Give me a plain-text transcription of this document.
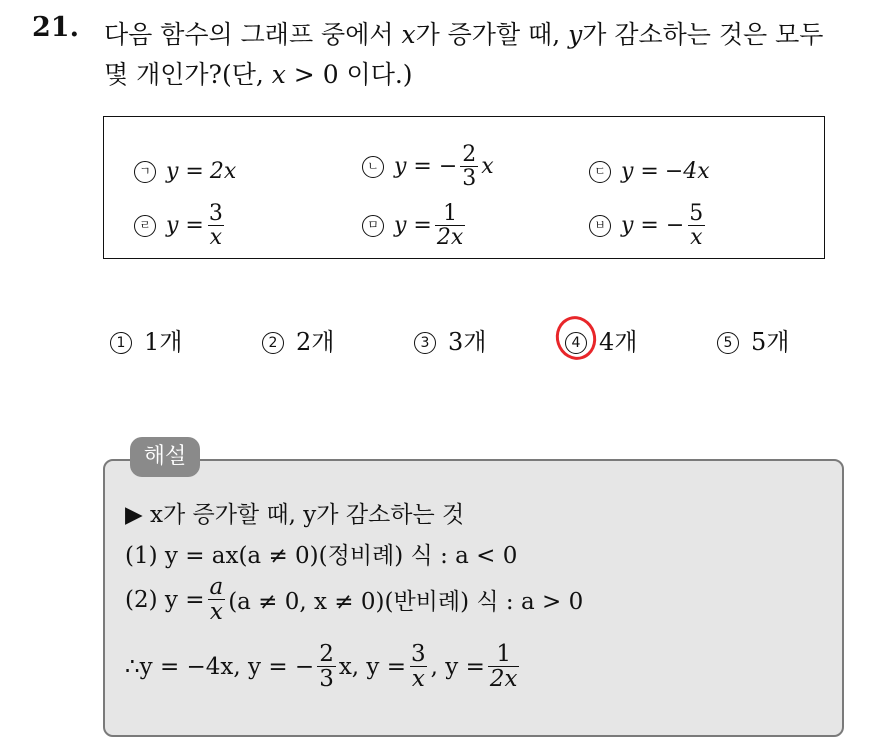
21. 다음 함수의 그래프 중에서 x가 증가할 때, y가 감소하는 것은 모두
몇 개인가?(단, x > 0 이다.)
ㄱ y = 2x	ㄴ y = − $\frac{2}{3}$ x	ㄷ y = −4x
ㄹ $y = \frac{3}{x}$	ㅁ $y = \frac{1}{2x}$	ㅂ y = − $\frac{5}{x}$
1 1개	2 2개	3 3개	4 4개	5 5개
해설
▶ x가 증가할 때, y가 감소하는 것
(1) y = ax(a ≠ 0)(정비례) 식 : a < 0
(2) $y = \frac{a}{x} (a \ne 0$, x ≠ 0)(반비례) 식 : a > 0
∴y = −4x, y = − $\frac{2}{3} x$, $y = \frac{3}{x}$ , $y = \frac{1}{2x}$
